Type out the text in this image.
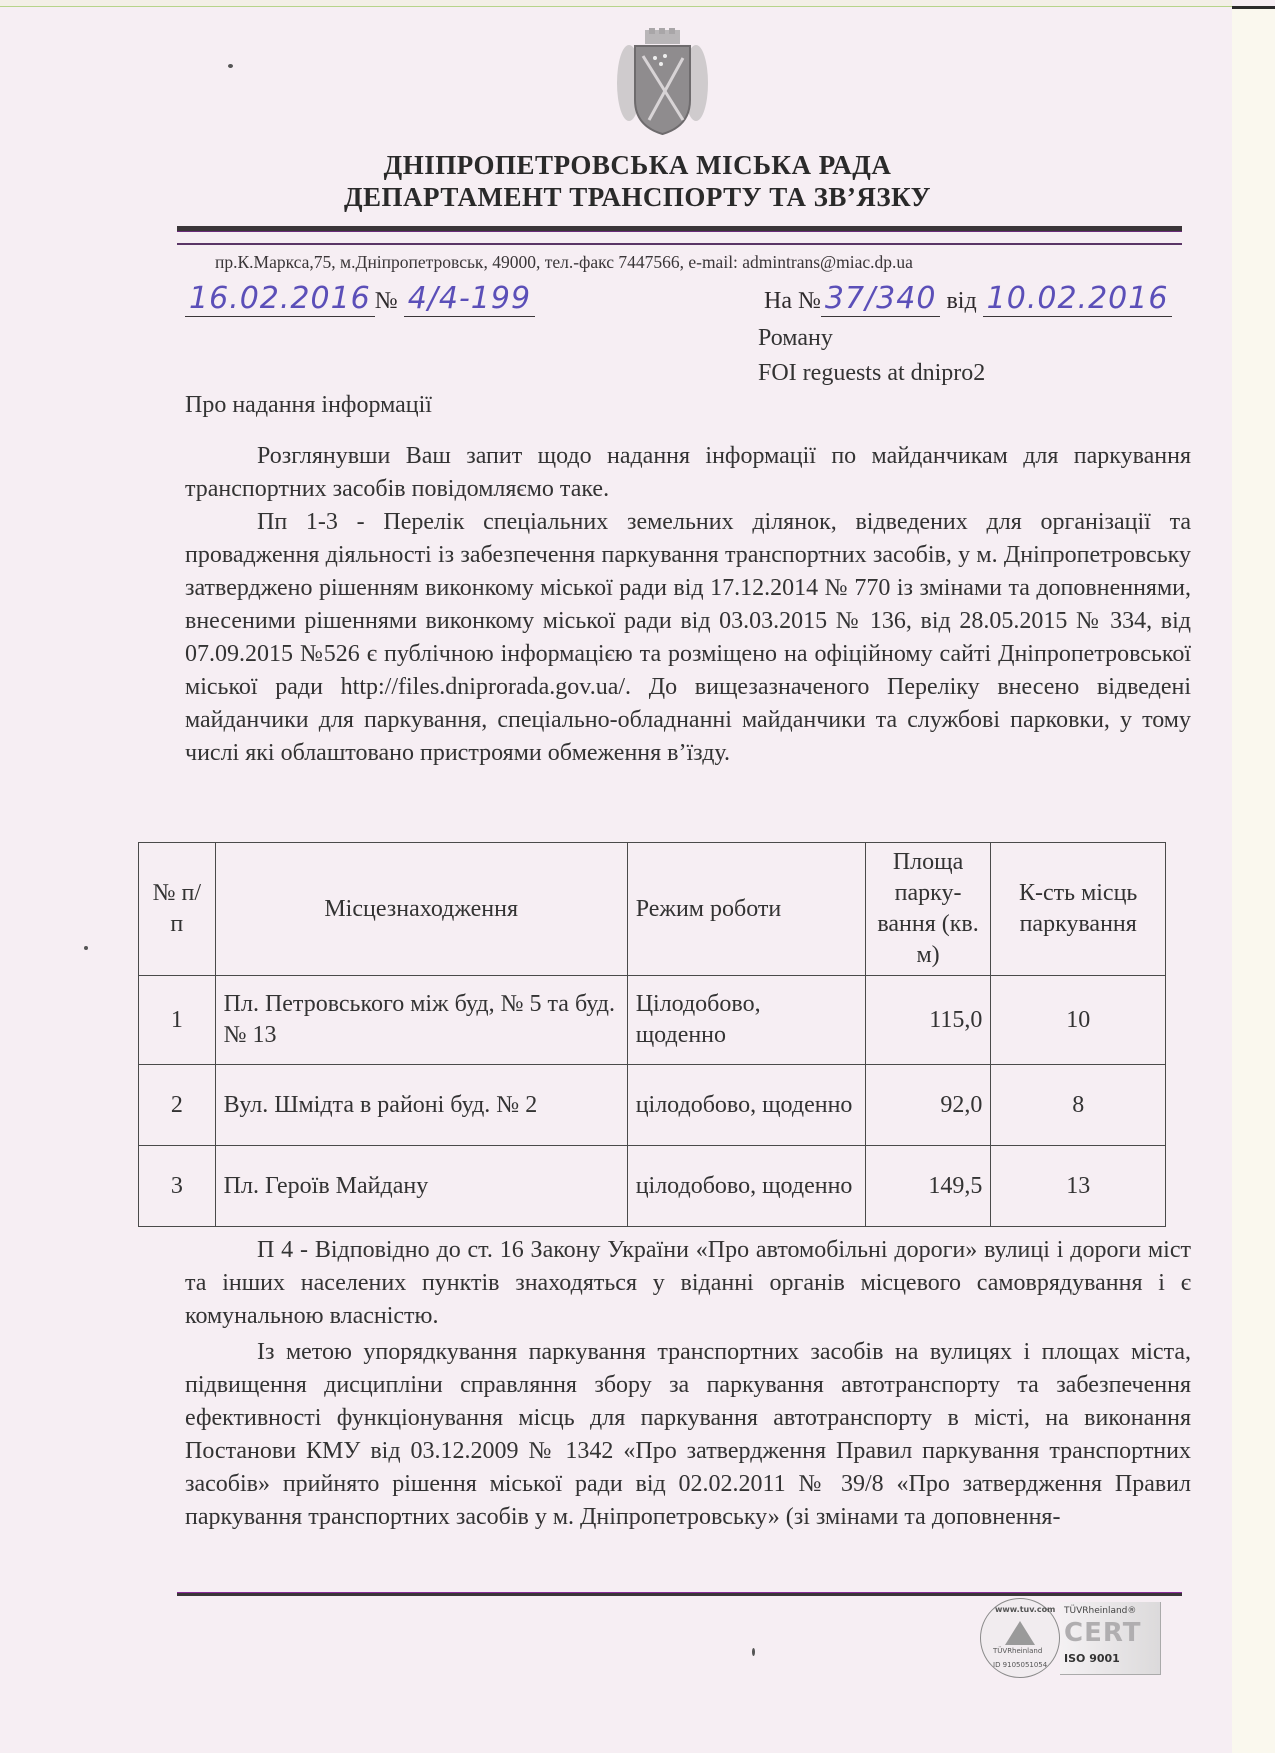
ДНІПРОПЕТРОВСЬКА МІСЬКА РАДА
ДЕПАРТАМЕНТ ТРАНСПОРТУ ТА ЗВ’ЯЗКУ
пр.К.Маркса,75, м.Дніпропетровськ, 49000, тел.-факс 7447566, e-mail: admintrans@miac.dp.ua
16.02.2016 № 4/4-199	На № 37/340 від 10.02.2016
Роману
FOI reguests at dnipro2
Про надання інформації
Розглянувши Ваш запит щодо надання інформації по майданчикам для паркування транспортних засобів повідомляємо таке.
Пп 1-3 - Перелік спеціальних земельних ділянок, відведених для організації та провадження діяльності із забезпечення паркування транспортних засобів, у м. Дніпропетровську затверджено рішенням виконкому міської ради від 17.12.2014 № 770 із змінами та доповненнями, внесеними рішеннями виконкому міської ради від 03.03.2015 № 136, від 28.05.2015 № 334, від 07.09.2015 №526 є публічною інформацією та розміщено на офіційному сайті Дніпропетровської міської ради http://files.dniprorada.gov.ua/. До вищезазначеного Переліку внесено відведені майданчики для паркування, спеціально-обладнанні майданчики та службові парковки, у тому числі які облаштовано пристроями обмеження в’їзду.
№ п/п	Місцезнаходження	Режим роботи	Площа парку-вання (кв. м)	К-сть місць паркування
1	Пл. Петровського між буд, № 5 та буд. № 13	Цілодобово, щоденно	115,0	10
2	Вул. Шмідта в районі буд. № 2	цілодобово, щоденно	92,0	8
3	Пл. Героїв Майдану	цілодобово, щоденно	149,5	13
П 4 - Відповідно до ст. 16 Закону України «Про автомобільні дороги» вулиці і дороги міст та інших населених пунктів знаходяться у віданні органів місцевого самоврядування і є комунальною власністю.
Із метою упорядкування паркування транспортних засобів на вулицях і площах міста, підвищення дисципліни справляння збору за паркування автотранспорту та забезпечення ефективності функціонування місць для паркування автотранспорту в місті, на виконання Постанови КМУ від 03.12.2009 № 1342 «Про затвердження Правил паркування транспортних засобів» прийнято рішення міської ради від 02.02.2011 № 39/8 «Про затвердження Правил паркування транспортних засобів у м. Дніпропетровську» (зі змінами та доповнення-
www.tuv.com
TÜVRheinland
ID 9105051054
TÜVRheinland®
CERT
ISO 9001
